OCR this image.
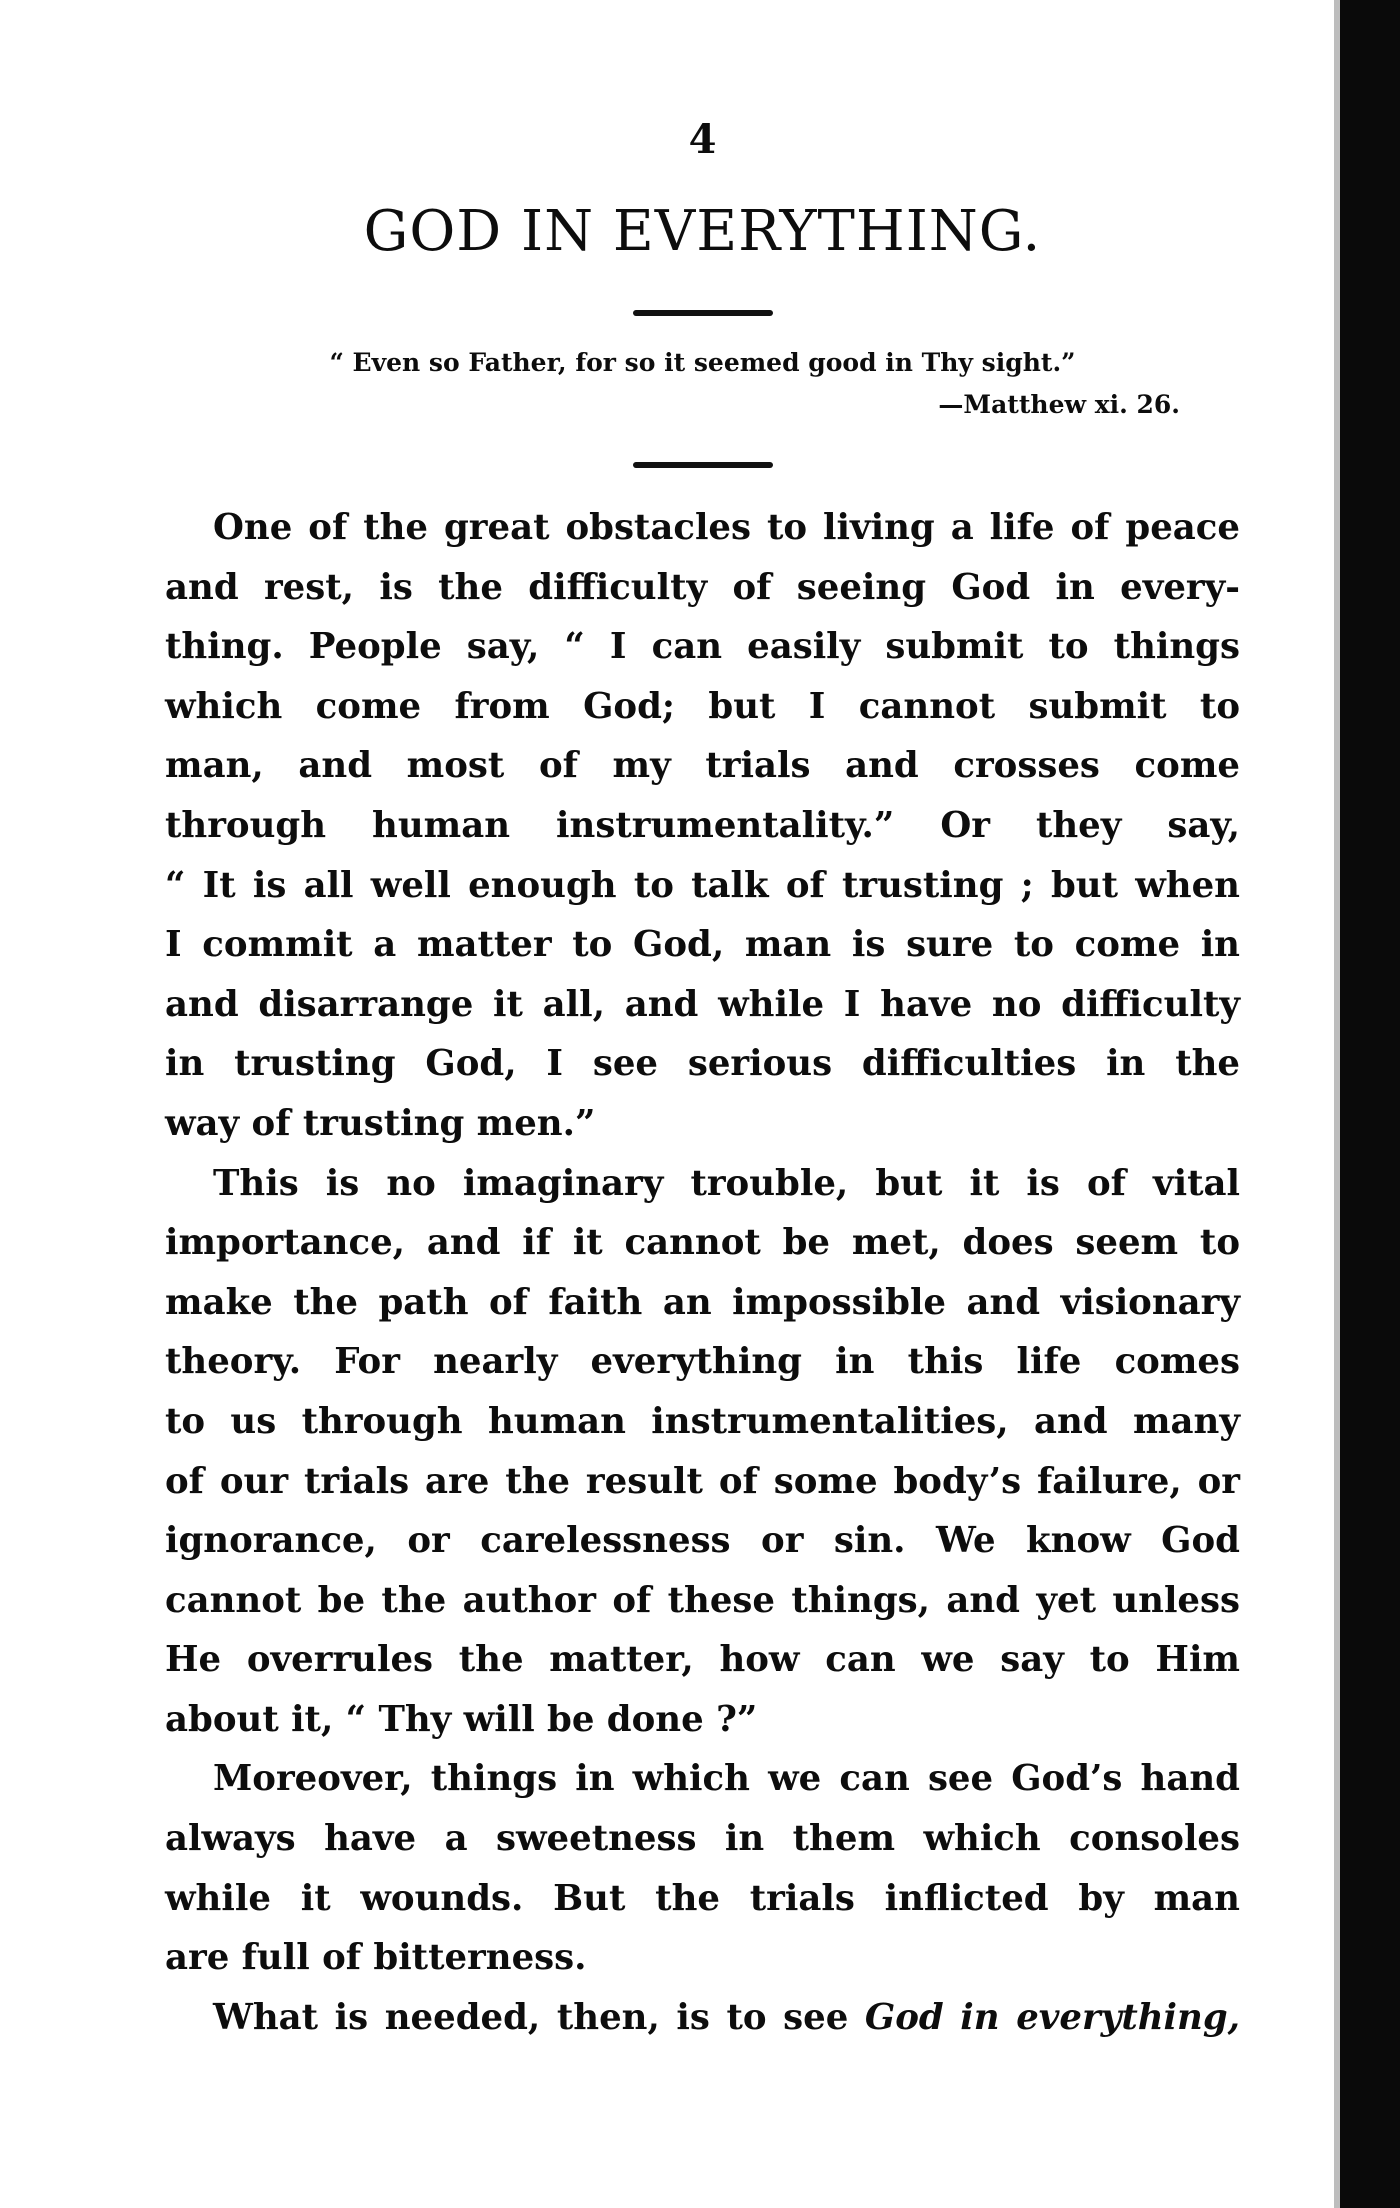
4
GOD IN EVERYTHING.
“ Even so Father, for so it seemed good in Thy sight.”
—Matthew xi. 26.
One of the great obstacles to living a life of peace
and rest, is the difficulty of seeing God in every-
thing. People say, “ I can easily submit to things
which come from God; but I cannot submit to
man, and most of my trials and crosses come
through human instrumentality.” Or they say,
“ It is all well enough to talk of trusting ; but when
I commit a matter to God, man is sure to come in
and disarrange it all, and while I have no difficulty
in trusting God, I see serious difficulties in the
way of trusting men.”
This is no imaginary trouble, but it is of vital
importance, and if it cannot be met, does seem to
make the path of faith an impossible and visionary
theory. For nearly everything in this life comes
to us through human instrumentalities, and many
of our trials are the result of some body’s failure, or
ignorance, or carelessness or sin. We know God
cannot be the author of these things, and yet unless
He overrules the matter, how can we say to Him
about it, “ Thy will be done ?”
Moreover, things in which we can see God’s hand
always have a sweetness in them which consoles
while it wounds. But the trials inflicted by man
are full of bitterness.
What is needed, then, is to see God in everything,
